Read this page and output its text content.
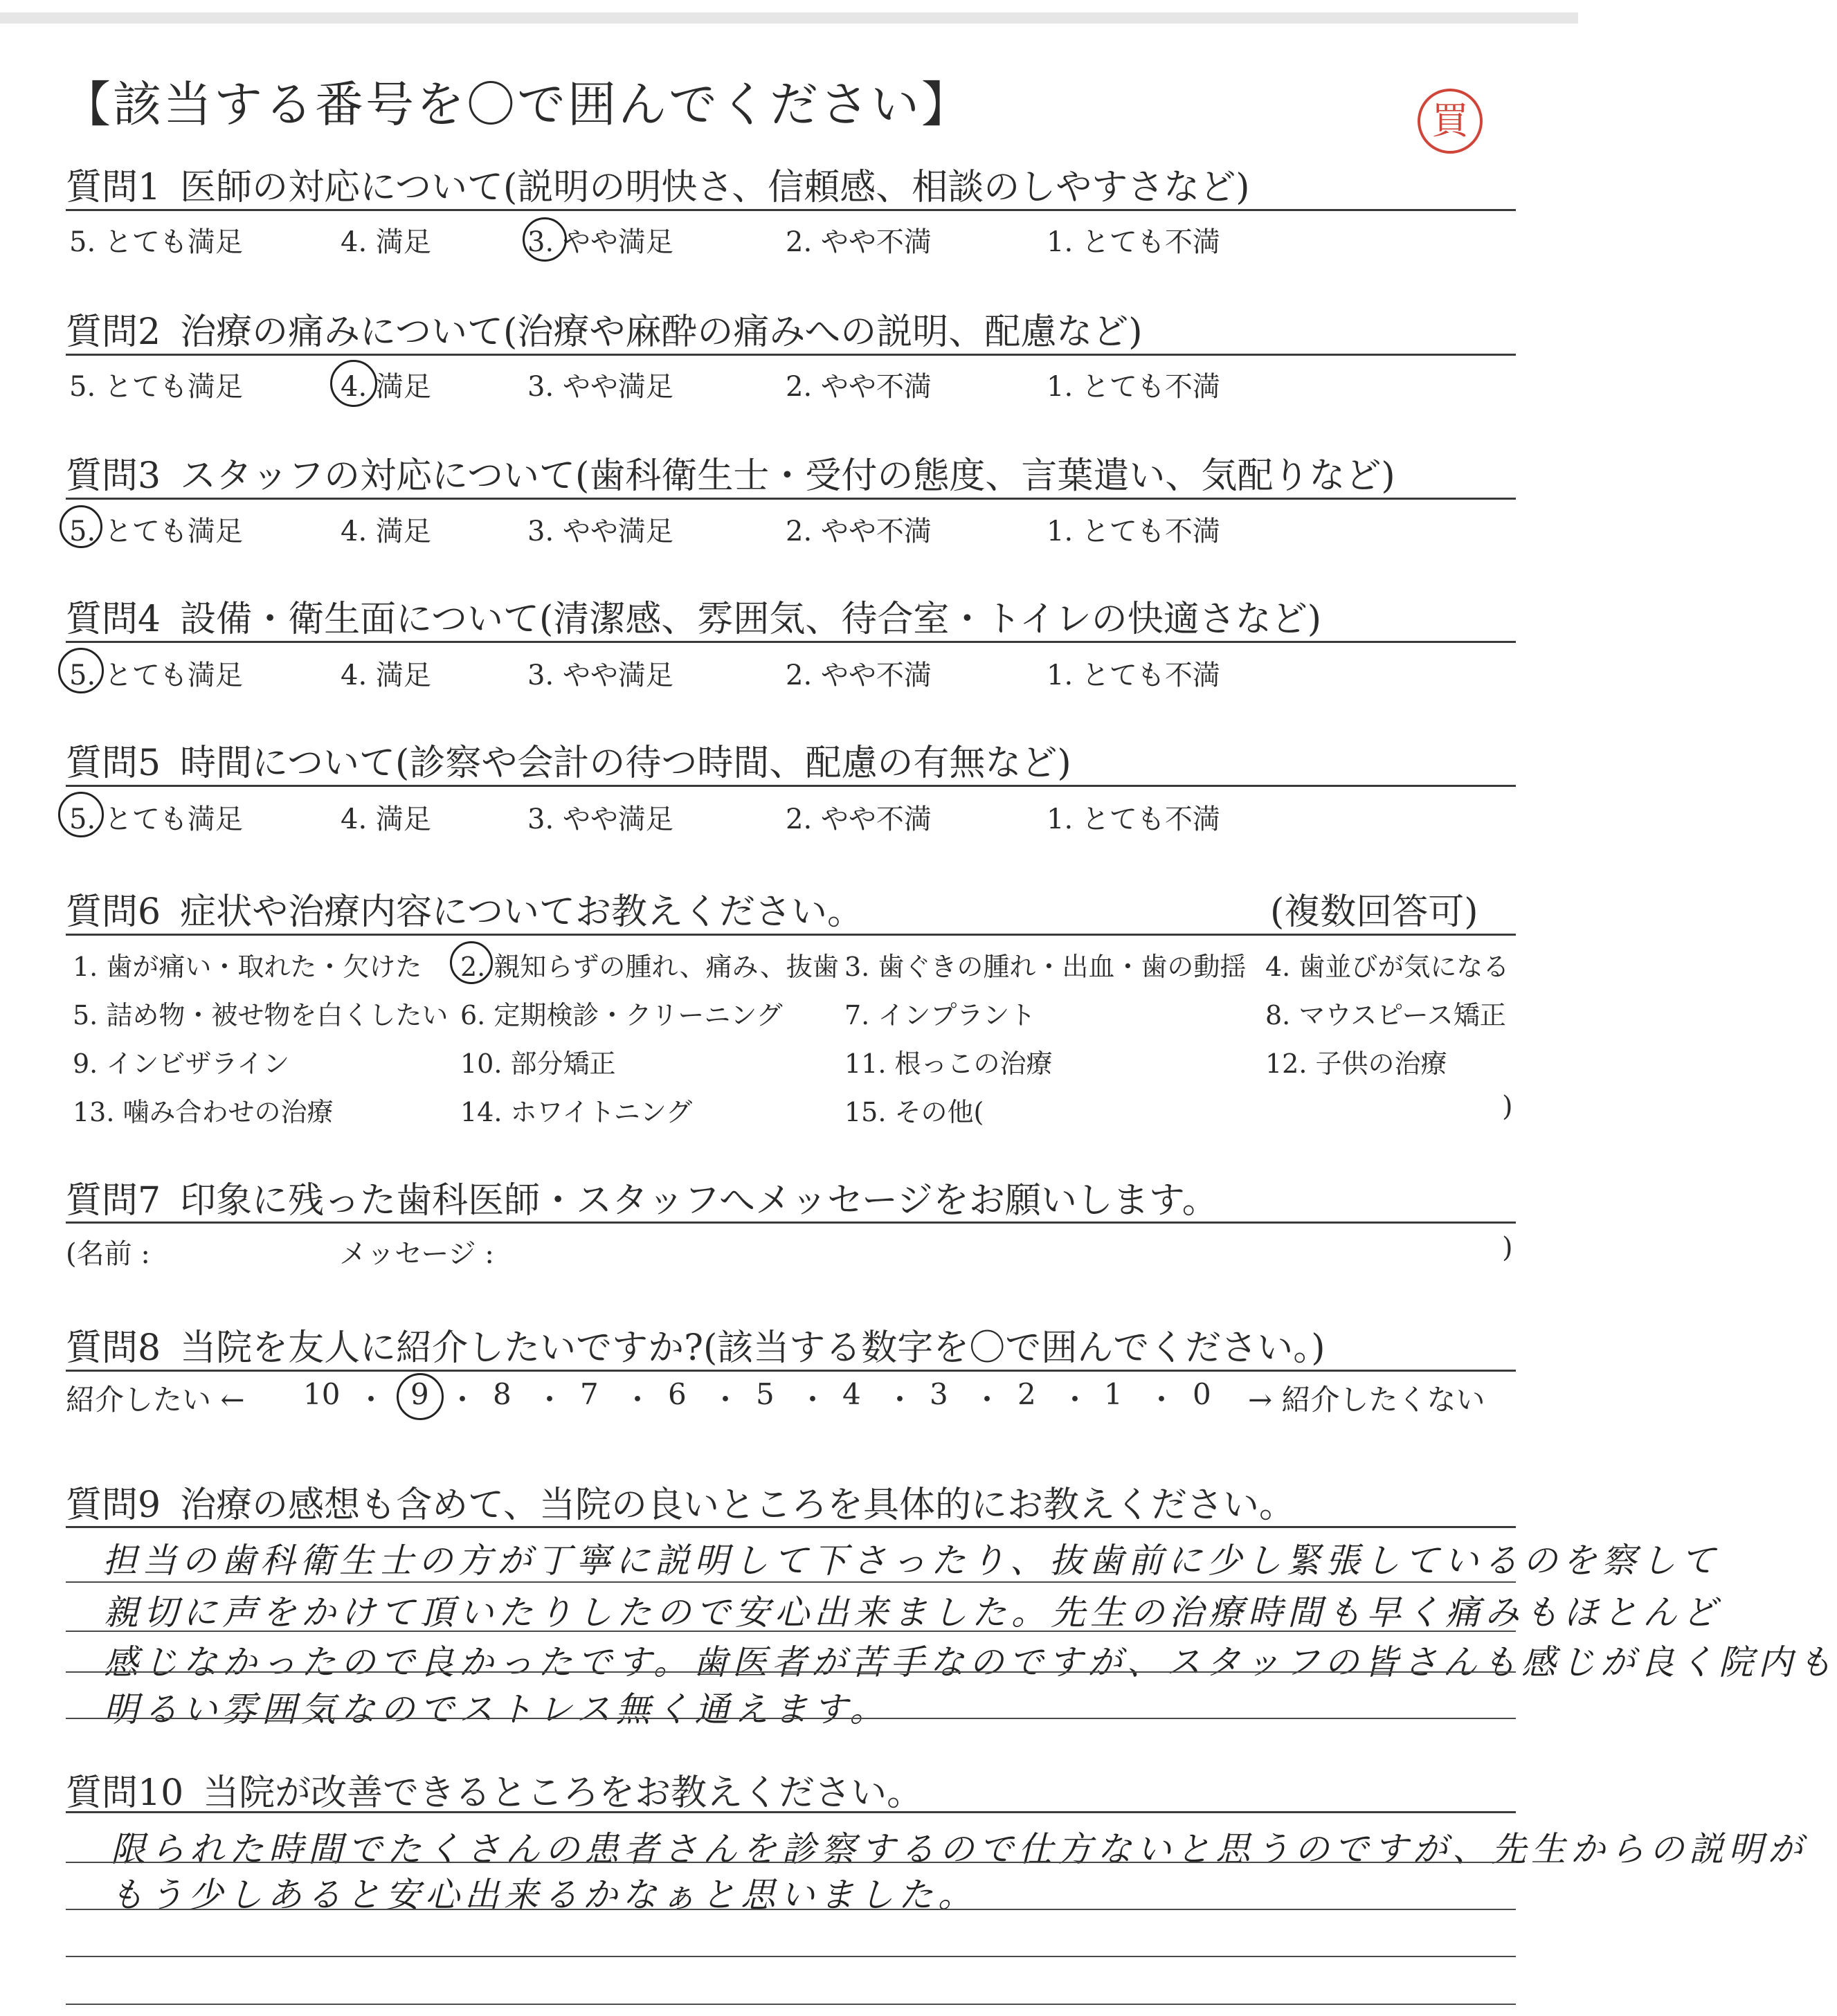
【該当する番号を〇で囲んでください】	買
質問1 医師の対応について(説明の明快さ、信頼感、相談のしやすさなど)
5. とても満足	4. 満足	3. やや満足	2. やや不満	1. とても不満
質問2 治療の痛みについて(治療や麻酔の痛みへの説明、配慮など)
5. とても満足	4. 満足	3. やや満足	2. やや不満	1. とても不満
質問3 スタッフの対応について(歯科衛生士・受付の態度、言葉遣い、気配りなど)
5. とても満足	4. 満足	3. やや満足	2. やや不満	1. とても不満
質問4 設備・衛生面について(清潔感、雰囲気、待合室・トイレの快適さなど)
5. とても満足	4. 満足	3. やや満足	2. やや不満	1. とても不満
質問5 時間について(診察や会計の待つ時間、配慮の有無など)
5. とても満足	4. 満足	3. やや満足	2. やや不満	1. とても不満
質問6 症状や治療内容についてお教えください。	(複数回答可)
1. 歯が痛い・取れた・欠けた 2. 親知らずの腫れ、痛み、抜歯 3. 歯ぐきの腫れ・出血・歯の動揺 4. 歯並びが気になる
5. 詰め物・被せ物を白くしたい 6. 定期検診・クリーニング 7. インプラント	8. マウスピース矯正
9. インビザライン	10. 部分矯正	11. 根っこの治療	12. 子供の治療
13. 噛み合わせの治療	14. ホワイトニング	15. その他(	)
質問7 印象に残った歯科医師・スタッフへメッセージをお願いします。
(名前 :	メッセージ :	)
質問8 当院を友人に紹介したいですか?(該当する数字を〇で囲んでください。)
紹介したい ← 10 ・ 9 ・ 8 ・ 7 ・ 6 ・ 5 ・ 4 ・ 3 ・ 2 ・ 1 ・ 0 → 紹介したくない
質問9 治療の感想も含めて、当院の良いところを具体的にお教えください。
担当の歯科衛生士の方が丁寧に説明して下さったり、抜歯前に少し緊張しているのを察して
親切に声をかけて頂いたりしたので安心出来ました。先生の治療時間も早く痛みもほとんど
感じなかったので良かったです。歯医者が苦手なのですが、スタッフの皆さんも感じが良く院内も
明るい雰囲気なのでストレス無く通えます。
質問10 当院が改善できるところをお教えください。
限られた時間でたくさんの患者さんを診察するので仕方ないと思うのですが、先生からの説明が
もう少しあると安心出来るかなぁと思いました。
